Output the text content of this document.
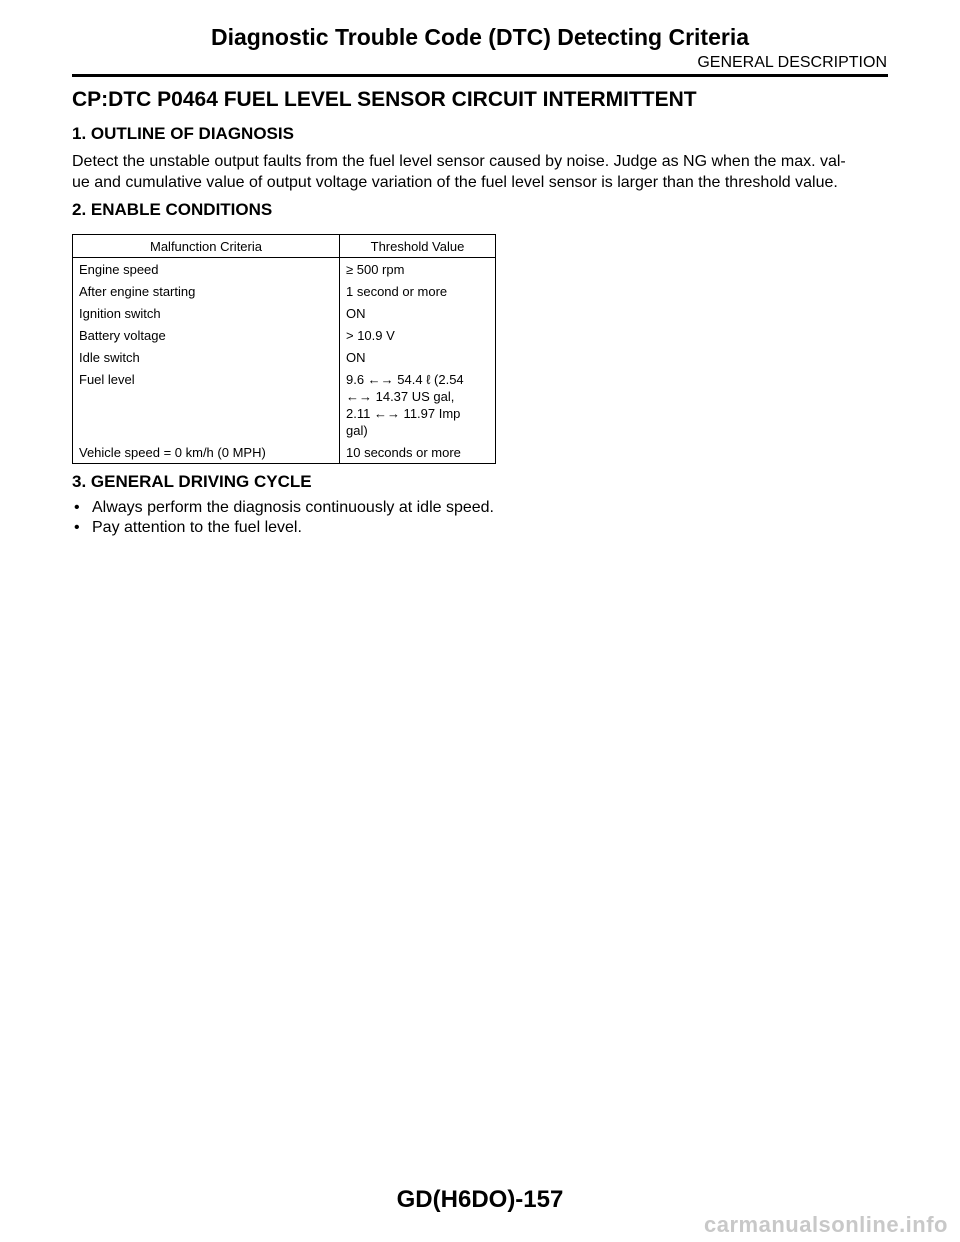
Diagnostic Trouble Code (DTC) Detecting Criteria
GENERAL DESCRIPTION
CP:DTC P0464 FUEL LEVEL SENSOR CIRCUIT INTERMITTENT
1. OUTLINE OF DIAGNOSIS
Detect the unstable output faults from the fuel level sensor caused by noise. Judge as NG when the max. val-
ue and cumulative value of output voltage variation of the fuel level sensor is larger than the threshold value.
2. ENABLE CONDITIONS
Malfunction Criteria	Threshold Value
Engine speed	≥ 500 rpm
After engine starting	1 second or more
Ignition switch	ON
Battery voltage	> 10.9 V
Idle switch	ON
Fuel level	9.6 ←→ 54.4 ℓ (2.54
←→ 14.37 US gal,
2.11 ←→ 11.97 Imp
gal)

Vehicle speed = 0 km/h (0 MPH)	10 seconds or more
3. GENERAL DRIVING CYCLE
• Always perform the diagnosis continuously at idle speed.
• Pay attention to the fuel level.
GD(H6DO)-157
carmanualsonline.info
